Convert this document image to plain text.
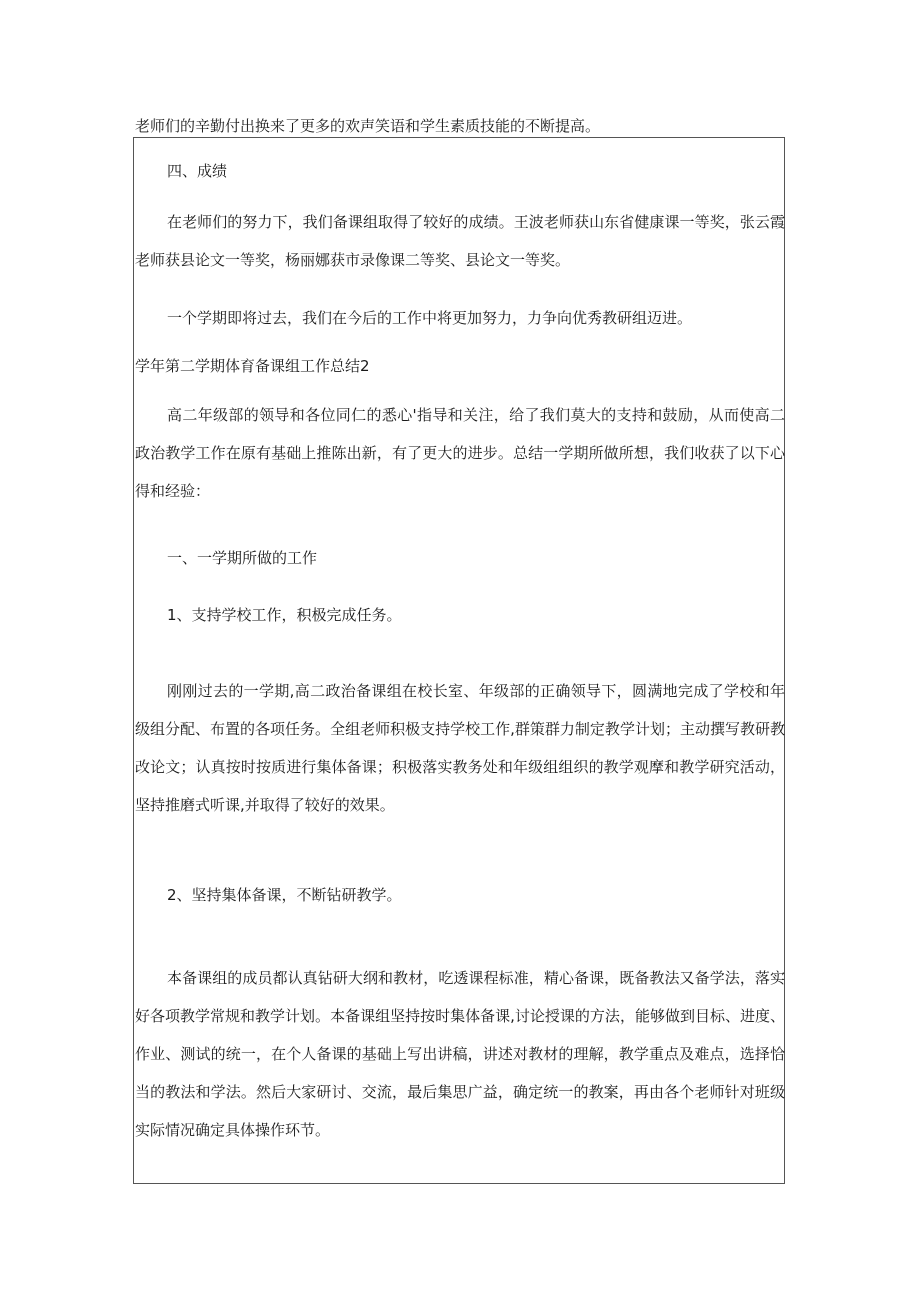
老师们的辛勤付出换来了更多的欢声笑语和学生素质技能的不断提高。

四、成绩

在老师们的努力下，我们备课组取得了较好的成绩。王波老师获山东省健康课一等奖，张云霞老师获县论文一等奖，杨丽娜获市录像课二等奖、县论文一等奖。

一个学期即将过去，我们在今后的工作中将更加努力，力争向优秀教研组迈进。

学年第二学期体育备课组工作总结2

高二年级部的领导和各位同仁的悉心'指导和关注，给了我们莫大的支持和鼓励，从而使高二政治教学工作在原有基础上推陈出新，有了更大的进步。总结一学期所做所想，我们收获了以下心得和经验：

一、一学期所做的工作

1、支持学校工作，积极完成任务。

刚刚过去的一学期,高二政治备课组在校长室、年级部的正确领导下，圆满地完成了学校和年级组分配、布置的各项任务。全组老师积极支持学校工作,群策群力制定教学计划；主动撰写教研教改论文；认真按时按质进行集体备课；积极落实教务处和年级组组织的教学观摩和教学研究活动，坚持推磨式听课,并取得了较好的效果。

2、坚持集体备课，不断钻研教学。

本备课组的成员都认真钻研大纲和教材，吃透课程标准，精心备课，既备教法又备学法，落实好各项教学常规和教学计划。本备课组坚持按时集体备课,讨论授课的方法，能够做到目标、进度、作业、测试的统一，在个人备课的基础上写出讲稿，讲述对教材的理解，教学重点及难点，选择恰当的教法和学法。然后大家研讨、交流，最后集思广益，确定统一的教案，再由各个老师针对班级实际情况确定具体操作环节。
